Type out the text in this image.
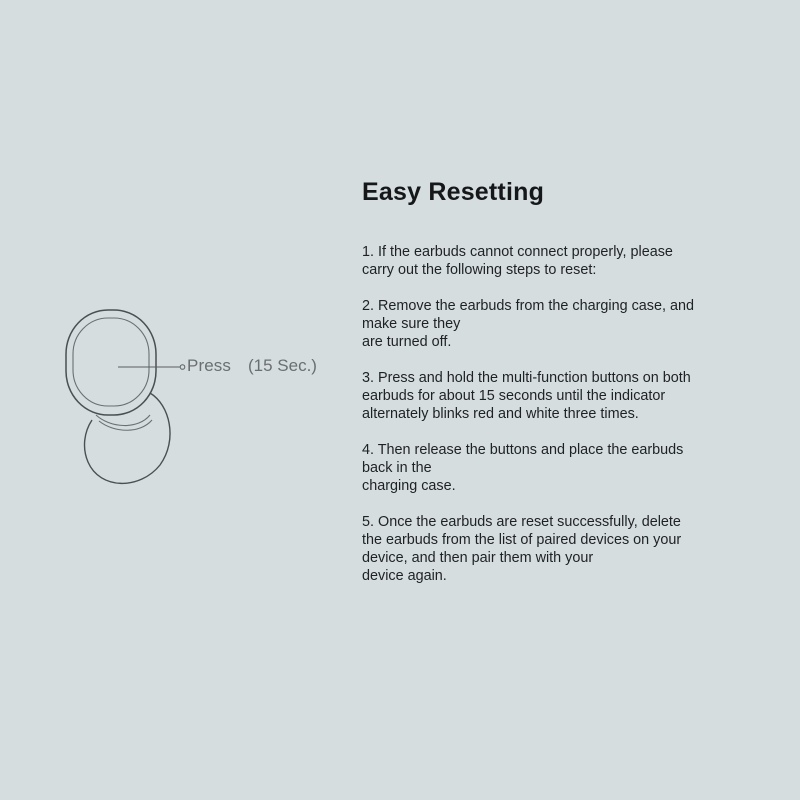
Press (15 Sec.)
Easy Resetting

1. If the earbuds cannot connect properly, please
carry out the following steps to reset:

2. Remove the earbuds from the charging case, and
make sure they
are turned off.

3. Press and hold the multi-function buttons on both
earbuds for about 15 seconds until the indicator
alternately blinks red and white three times.

4. Then release the buttons and place the earbuds
back in the
charging case.

5. Once the earbuds are reset successfully, delete
the earbuds from the list of paired devices on your
device, and then pair them with your
device again.
